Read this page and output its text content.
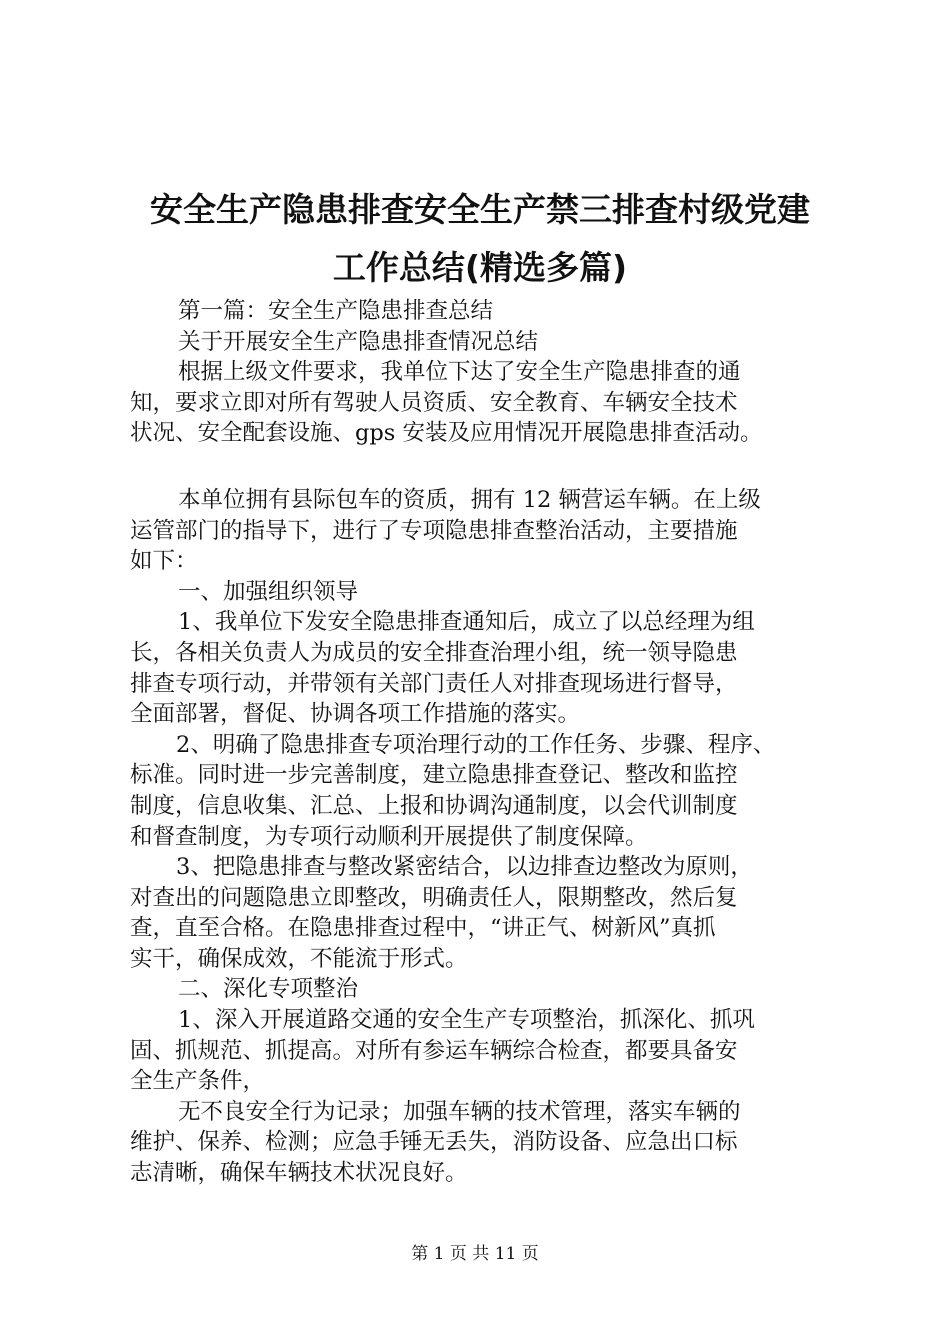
安全生产隐患排查安全生产禁三排查村级党建
工作总结(精选多篇)
第一篇：安全生产隐患排查总结
关于开展安全生产隐患排查情况总结
根据上级文件要求，我单位下达了安全生产隐患排查的通
知，要求立即对所有驾驶人员资质、安全教育、车辆安全技术
状况、安全配套设施、gps 安装及应用情况开展隐患排查活动。
本单位拥有县际包车的资质，拥有 12 辆营运车辆。在上级
运管部门的指导下，进行了专项隐患排查整治活动，主要措施
如下：
一、加强组织领导
1、我单位下发安全隐患排查通知后，成立了以总经理为组
长，各相关负责人为成员的安全排查治理小组，统一领导隐患
排查专项行动，并带领有关部门责任人对排查现场进行督导，
全面部署，督促、协调各项工作措施的落实。
2、明确了隐患排查专项治理行动的工作任务、步骤、程序、
标准。同时进一步完善制度，建立隐患排查登记、整改和监控
制度，信息收集、汇总、上报和协调沟通制度，以会代训制度
和督查制度，为专项行动顺利开展提供了制度保障。
3、把隐患排查与整改紧密结合，以边排查边整改为原则，
对查出的问题隐患立即整改，明确责任人，限期整改，然后复
查，直至合格。在隐患排查过程中，“讲正气、树新风”真抓
实干，确保成效，不能流于形式。
二、深化专项整治
1、深入开展道路交通的安全生产专项整治，抓深化、抓巩
固、抓规范、抓提高。对所有参运车辆综合检查，都要具备安
全生产条件，
无不良安全行为记录；加强车辆的技术管理，落实车辆的
维护、保养、检测；应急手锤无丢失，消防设备、应急出口标
志清晰，确保车辆技术状况良好。
第 1 页 共 11 页
